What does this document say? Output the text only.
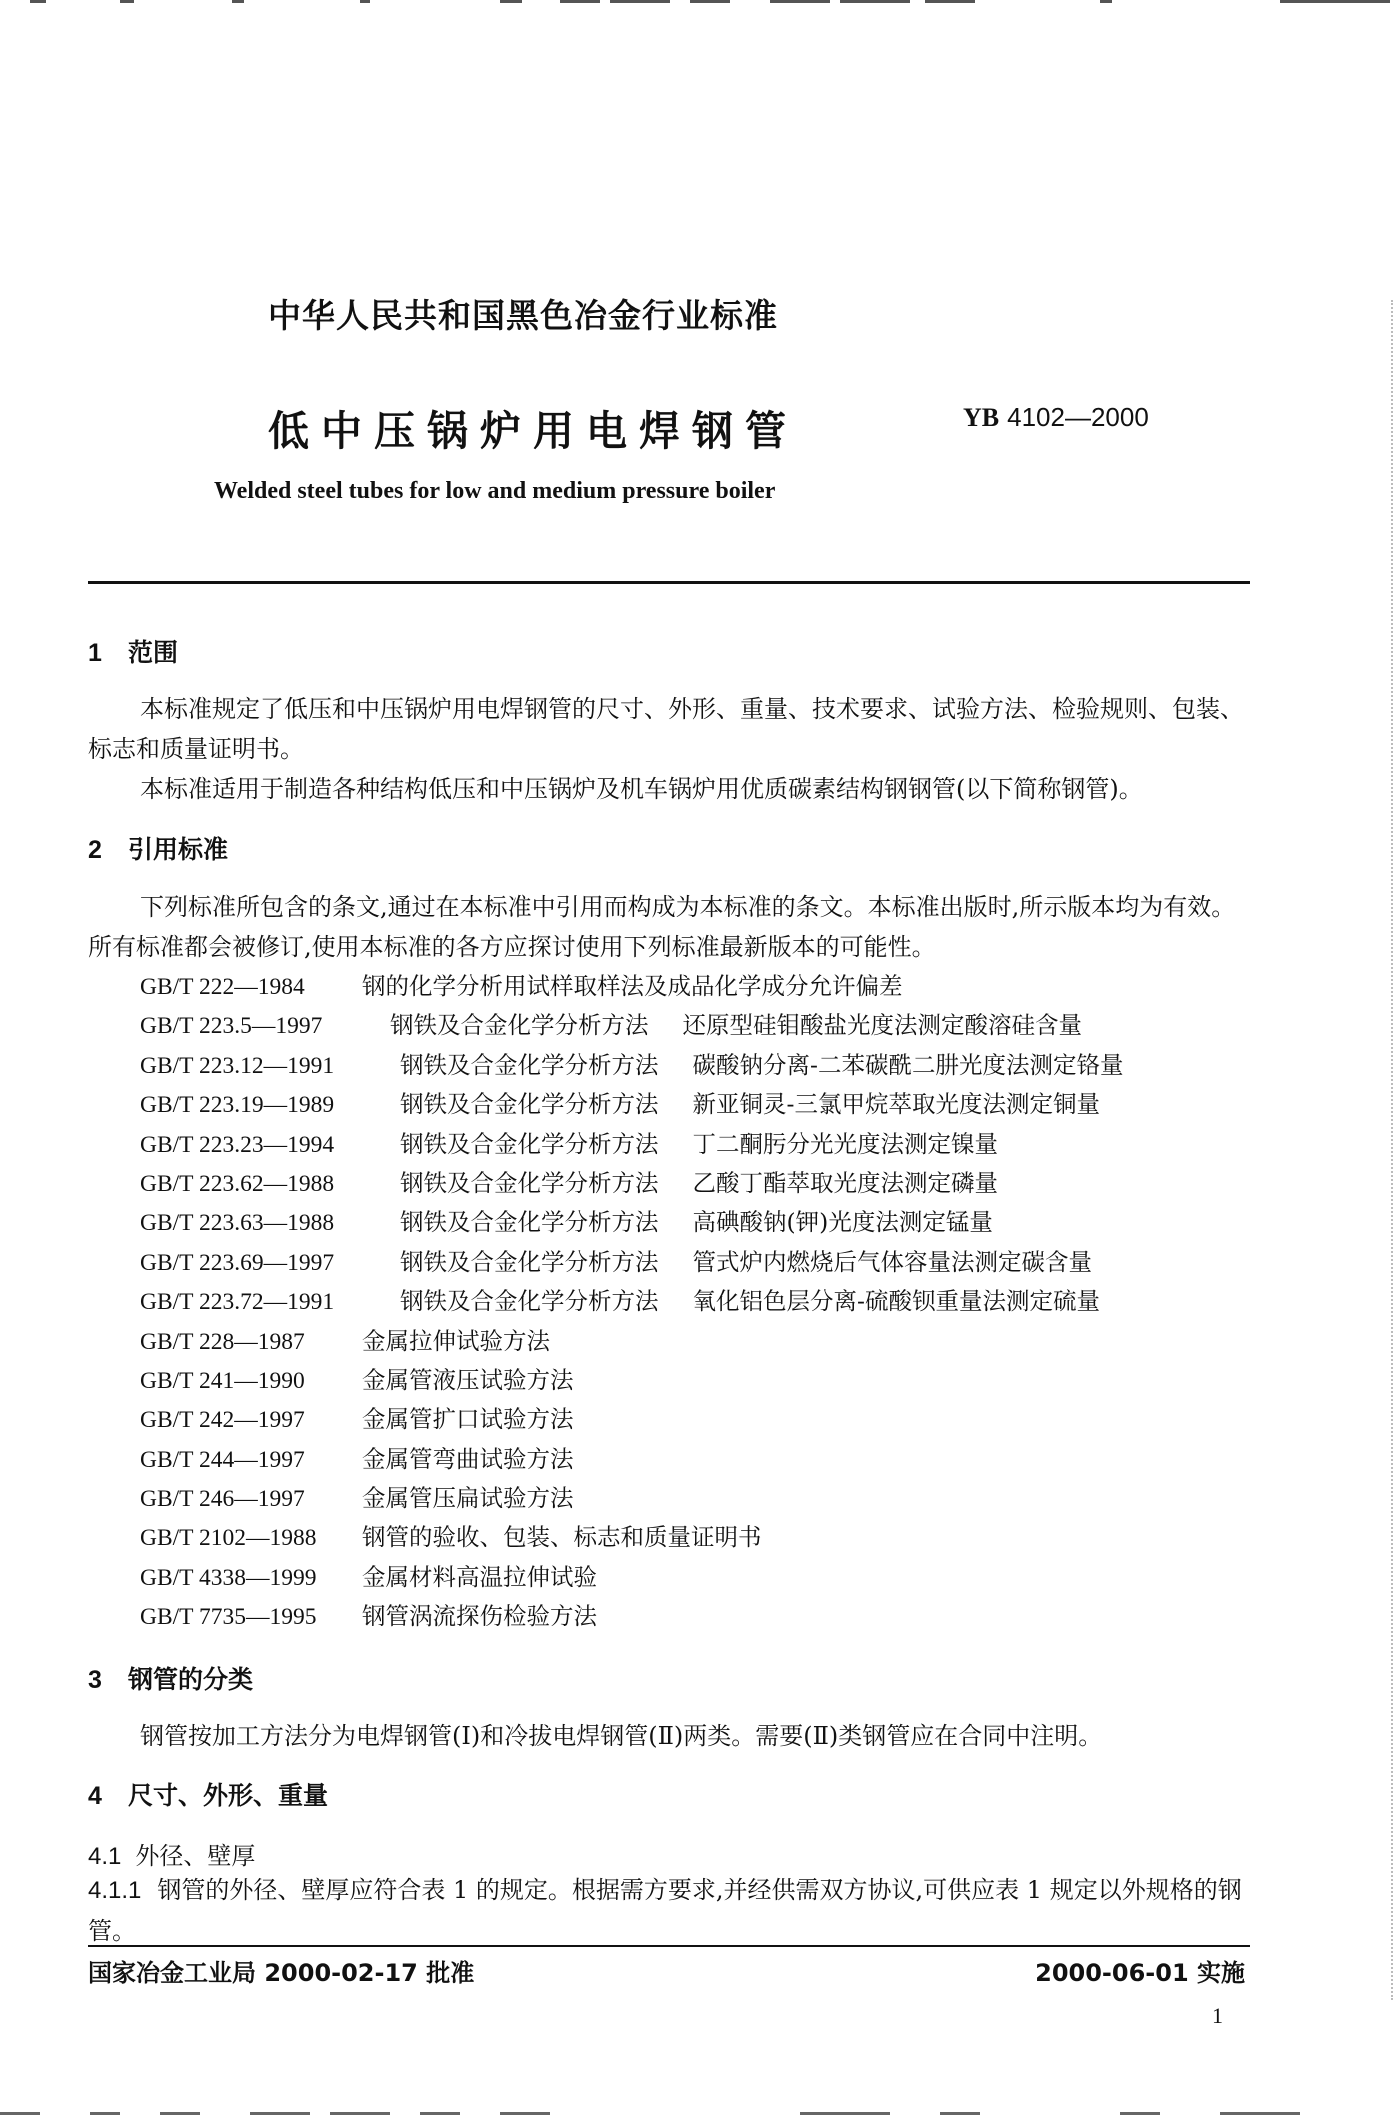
中华人民共和国黑色冶金行业标准
低中压锅炉用电焊钢管	YB 4102—2000
Welded steel tubes for low and medium pressure boiler
1 范围

本标准规定了低压和中压锅炉用电焊钢管的尺寸、外形、重量、技术要求、试验方法、检验规则、包装、标志和质量证明书。

本标准适用于制造各种结构低压和中压锅炉及机车锅炉用优质碳素结构钢钢管(以下简称钢管)。

2 引用标准

下列标准所包含的条文,通过在本标准中引用而构成为本标准的条文。本标准出版时,所示版本均为有效。所有标准都会被修订,使用本标准的各方应探讨使用下列标准最新版本的可能性。

GB/T 222—1984 钢的化学分析用试样取样法及成品化学成分允许偏差
GB/T 223.5—1997	钢铁及合金化学分析方法 还原型硅钼酸盐光度法测定酸溶硅含量
GB/T 223.12—1991	钢铁及合金化学分析方法 碳酸钠分离-二苯碳酰二肼光度法测定铬量
GB/T 223.19—1989	钢铁及合金化学分析方法 新亚铜灵-三氯甲烷萃取光度法测定铜量
GB/T 223.23—1994	钢铁及合金化学分析方法 丁二酮肟分光光度法测定镍量
GB/T 223.62—1988	钢铁及合金化学分析方法 乙酸丁酯萃取光度法测定磷量
GB/T 223.63—1988	钢铁及合金化学分析方法 高碘酸钠(钾)光度法测定锰量
GB/T 223.69—1997	钢铁及合金化学分析方法 管式炉内燃烧后气体容量法测定碳含量
GB/T 223.72—1991	钢铁及合金化学分析方法 氧化铝色层分离-硫酸钡重量法测定硫量
GB/T 228—1987 金属拉伸试验方法
GB/T 241—1990 金属管液压试验方法
GB/T 242—1997 金属管扩口试验方法
GB/T 244—1997 金属管弯曲试验方法
GB/T 246—1997 金属管压扁试验方法
GB/T 2102—1988 钢管的验收、包装、标志和质量证明书
GB/T 4338—1999 金属材料高温拉伸试验
GB/T 7735—1995 钢管涡流探伤检验方法
3 钢管的分类

钢管按加工方法分为电焊钢管(Ⅰ)和冷拔电焊钢管(Ⅱ)两类。需要(Ⅱ)类钢管应在合同中注明。

4 尺寸、外形、重量
4.1 外径、壁厚

4.1.1 钢管的外径、壁厚应符合表 1 的规定。根据需方要求,并经供需双方协议,可供应表 1 规定以外规格的钢管。

国家冶金工业局 2000-02-17 批准	2000-06-01 实施
1
